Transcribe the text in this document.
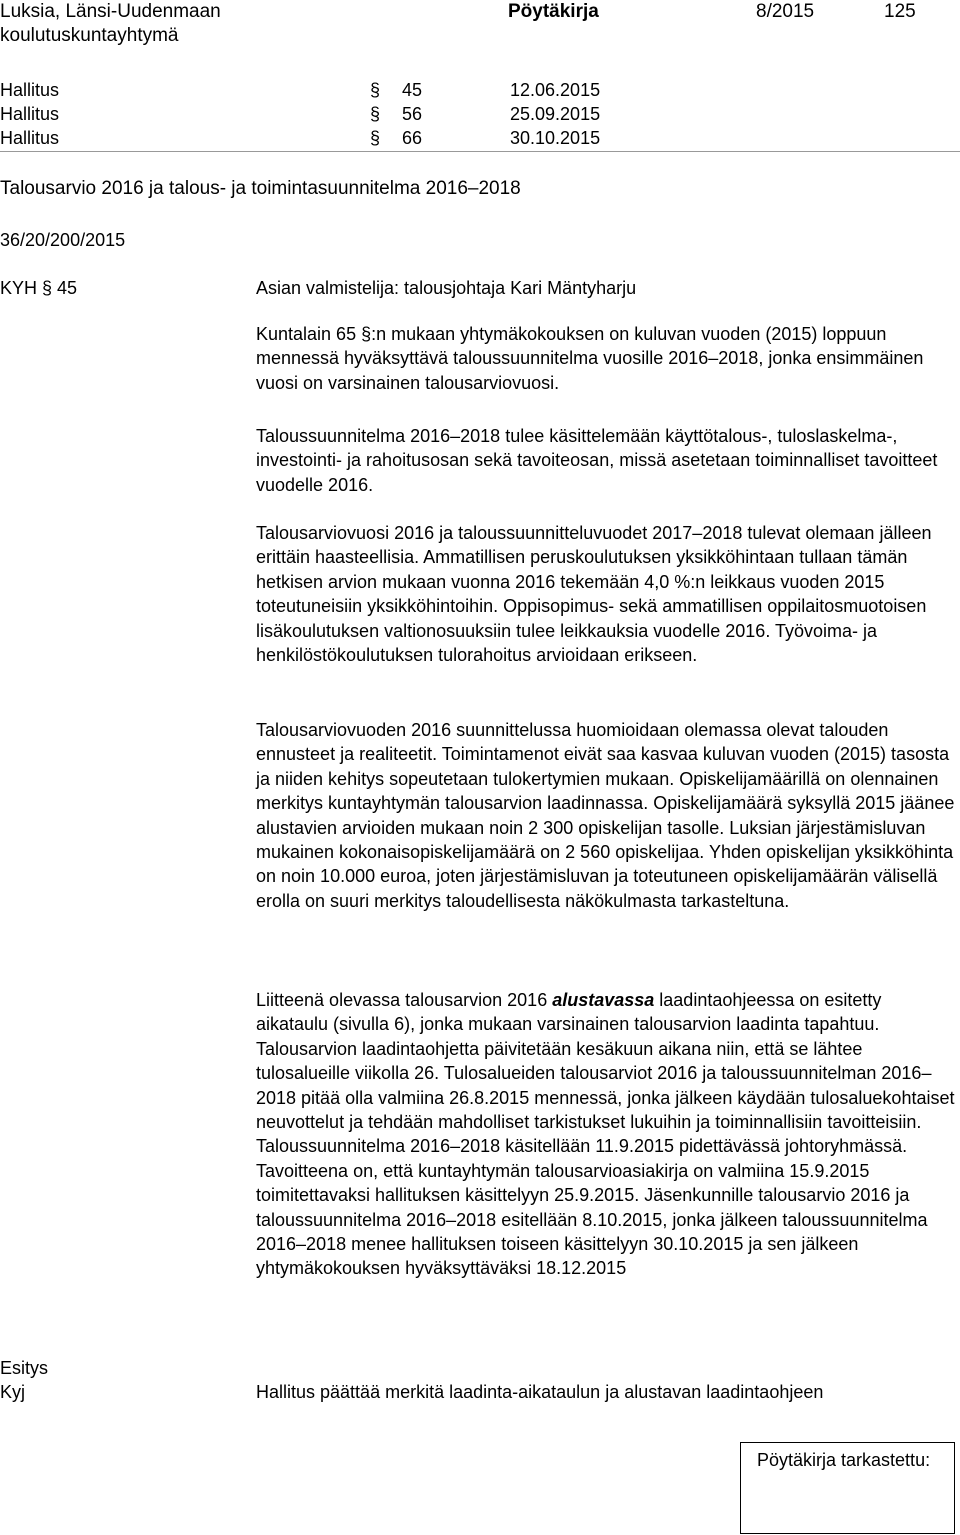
Luksia, Länsi-Uudenmaan
koulutuskuntayhtymä
Pöytäkirja	8/2015	125
Hallitus	§ 45	12.06.2015
Hallitus	§ 56	25.09.2015
Hallitus	§ 66	30.10.2015
Talousarvio 2016 ja talous- ja toimintasuunnitelma 2016–2018
36/20/200/2015
KYH § 45	Asian valmistelija: talousjohtaja Kari Mäntyharju
Kuntalain 65 §:n mukaan yhtymäkokouksen on kuluvan vuoden (2015) loppuun mennessä hyväksyttävä taloussuunnitelma vuosille 2016–2018, jonka ensimmäinen vuosi on varsinainen talousarviovuosi.
Taloussuunnitelma 2016–2018 tulee käsittelemään käyttötalous-, tuloslaskelma-, investointi- ja rahoitusosan sekä tavoiteosan, missä asetetaan toiminnalliset tavoitteet vuodelle 2016.
Talousarviovuosi 2016 ja taloussuunnitteluvuodet 2017–2018 tulevat olemaan jälleen erittäin haasteellisia. Ammatillisen peruskoulutuksen yksikköhintaan tullaan tämän hetkisen arvion mukaan vuonna 2016 tekemään 4,0 %:n leikkaus vuoden 2015 toteutuneisiin yksikköhintoihin. Oppisopimus- sekä ammatillisen oppilaitosmuotoisen lisäkoulutuksen valtionosuuksiin tulee leikkauksia vuodelle 2016. Työvoima- ja henkilöstökoulutuksen tulorahoitus arvioidaan erikseen.
Talousarviovuoden 2016 suunnittelussa huomioidaan olemassa olevat talouden ennusteet ja realiteetit. Toimintamenot eivät saa kasvaa kuluvan vuoden (2015) tasosta ja niiden kehitys sopeutetaan tulokertymien mukaan. Opiskelijamäärillä on olennainen merkitys kuntayhtymän talousarvion laadinnassa. Opiskelijamäärä syksyllä 2015 jäänee alustavien arvioiden mukaan noin 2 300 opiskelijan tasolle. Luksian järjestämisluvan mukainen kokonaisopiskelijamäärä on 2 560 opiskelijaa. Yhden opiskelijan yksikköhinta on noin 10.000 euroa, joten järjestämisluvan ja toteutuneen opiskelijamäärän välisellä erolla on suuri merkitys taloudellisesta näkökulmasta tarkasteltuna.
Liitteenä olevassa talousarvion 2016 alustavassa laadintaohjeessa on esitetty aikataulu (sivulla 6), jonka mukaan varsinainen talousarvion laadinta tapahtuu. Talousarvion laadintaohjetta päivitetään kesäkuun aikana niin, että se lähtee tulosalueille viikolla 26. Tulosalueiden talousarviot 2016 ja taloussuunnitelman 2016–2018 pitää olla valmiina 26.8.2015 mennessä, jonka jälkeen käydään tulosaluekohtaiset neuvottelut ja tehdään mahdolliset tarkistukset lukuihin ja toiminnallisiin tavoitteisiin. Taloussuunnitelma 2016–2018 käsitellään 11.9.2015 pidettävässä johtoryhmässä. Tavoitteena on, että kuntayhtymän talousarvioasiakirja on valmiina 15.9.2015 toimitettavaksi hallituksen käsittelyyn 25.9.2015. Jäsenkunnille talousarvio 2016 ja taloussuunnitelma 2016–2018 esitellään 8.10.2015, jonka jälkeen taloussuunnitelma 2016–2018 menee hallituksen toiseen käsittelyyn 30.10.2015 ja sen jälkeen yhtymäkokouksen hyväksyttäväksi 18.12.2015
Esitys
Kyj	Hallitus päättää merkitä laadinta-aikataulun ja alustavan laadintaohjeen
Pöytäkirja tarkastettu:
